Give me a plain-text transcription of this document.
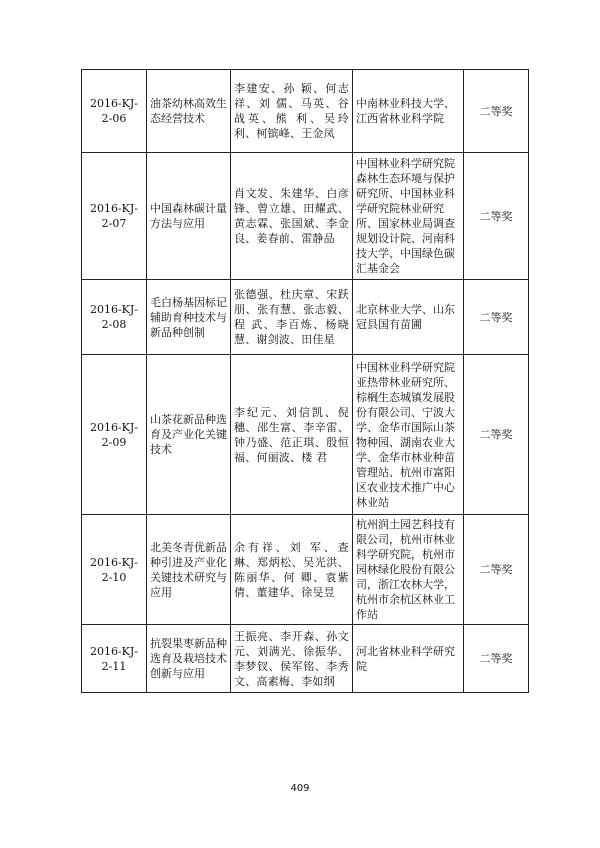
2016-KJ-2-06	油茶幼林高效生态经营技术	李建安、孙 颖、何志祥、刘 儒、马英、谷战英、熊 利、吴玲利、柯镔峰、王金凤	中南林业科技大学、江西省林业科学院	二等奖
2016-KJ-2-07	中国森林碳计量方法与应用	肖文发、朱建华、白彦锋、曾立雄、田耀武、黄志霖、张国斌、李金良、姜春前、雷静品	中国林业科学研究院森林生态环境与保护研究所、中国林业科学研究院林业研究所、国家林业局调查规划设计院、河南科技大学、中国绿色碳汇基金会	二等奖
2016-KJ-2-08	毛白杨基因标记辅助育种技术与新品种创制	张德强、杜庆章、宋跃朋、张有慧、张志毅、程 武、李百炼、杨晓慧、谢剑波、田佳星	北京林业大学、山东冠县国有苗圃	二等奖
2016-KJ-2-09	山茶花新品种选育及产业化关键技术	李纪元、刘信凯、倪穗、邵生富、李辛雷、钟乃盛、范正琪、殷恒福、何丽波、楼 君	中国林业科学研究院亚热带林业研究所、棕榈生态城镇发展股份有限公司、宁波大学、金华市国际山茶物种园、湖南农业大学、金华市林业种苗管理站、杭州市富阳区农业技术推广中心林业站	二等奖
2016-KJ-2-10	北美冬青优新品种引进及产业化关键技术研究与应用	余有祥、刘 军、查琳、郑炳松、吴光洪、陈丽华、何 卿、袁紫倩、董建华、徐旻昱	杭州润土园艺科技有限公司，杭州市林业科学研究院，杭州市园林绿化股份有限公司，浙江农林大学，杭州市余杭区林业工作站	二等奖
2016-KJ-2-11	抗裂果枣新品种选育及栽培技术创新与应用	王振亮、李开森、孙文元、刘满光、徐振华、李梦钗、侯军铭、李秀文、高素梅、李如纲	河北省林业科学研究院	二等奖
409
